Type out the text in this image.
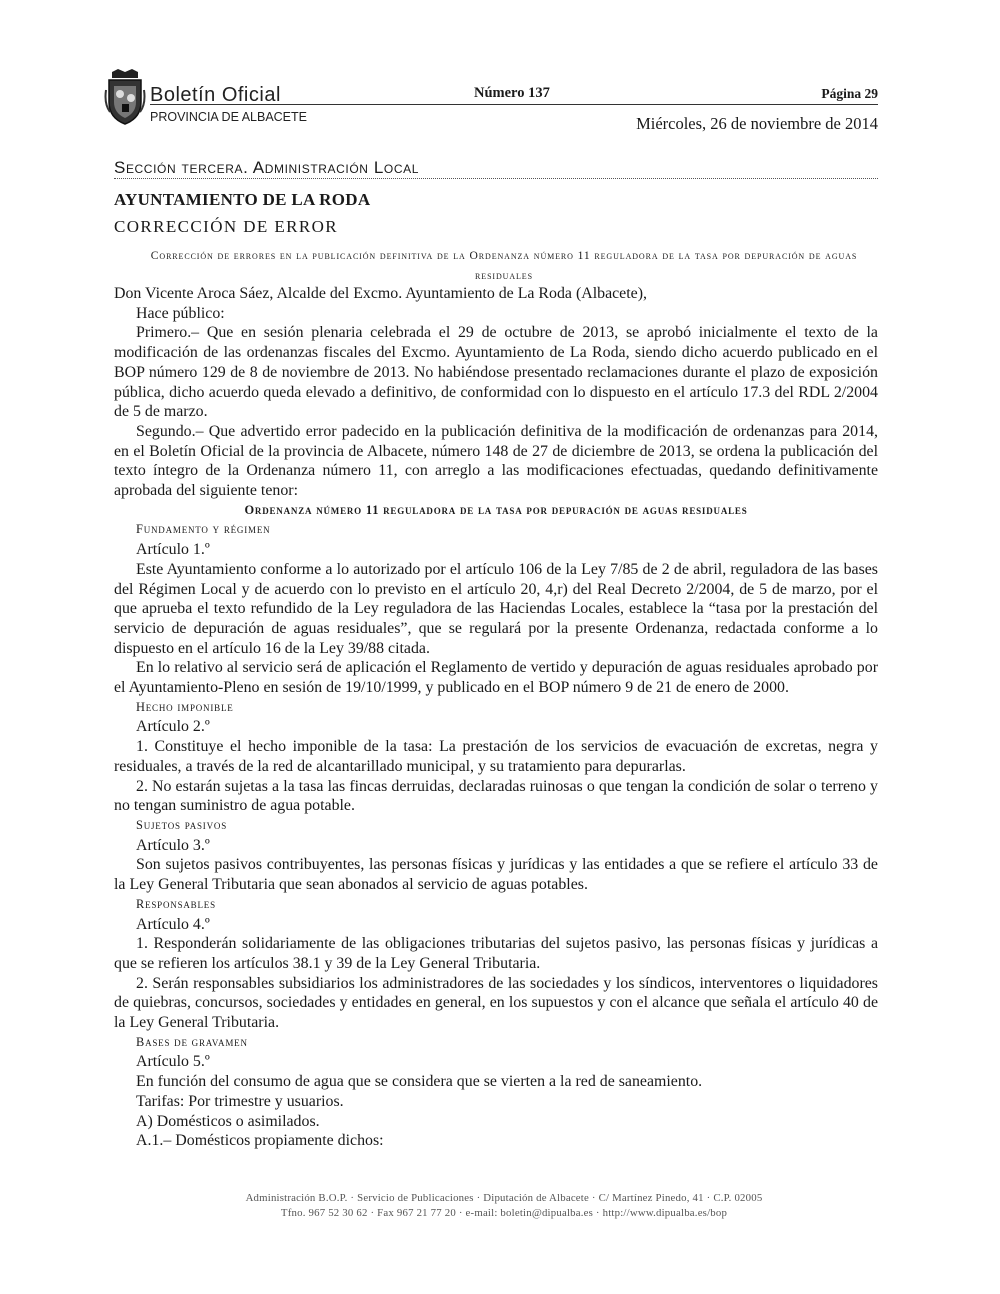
Boletín Oficial
PROVINCIA DE ALBACETE
Número 137	Página 29
Miércoles, 26 de noviembre de 2014
Sección tercera. Administración Local
AYUNTAMIENTO DE LA RODA
CORRECCIÓN DE ERROR
Corrección de errores en la publicación definitiva de la Ordenanza número 11 reguladora de la tasa por depuración de aguas residuales

Don Vicente Aroca Sáez, Alcalde del Excmo. Ayuntamiento de La Roda (Albacete),

Hace público:

Primero.– Que en sesión plenaria celebrada el 29 de octubre de 2013, se aprobó inicialmente el texto de la modificación de las ordenanzas fiscales del Excmo. Ayuntamiento de La Roda, siendo dicho acuerdo publicado en el BOP número 129 de 8 de noviembre de 2013. No habiéndose presentado reclamaciones durante el plazo de exposición pública, dicho acuerdo queda elevado a definitivo, de conformidad con lo dispuesto en el artículo 17.3 del RDL 2/2004 de 5 de marzo.

Segundo.– Que advertido error padecido en la publicación definitiva de la modificación de ordenanzas para 2014, en el Boletín Oficial de la provincia de Albacete, número 148 de 27 de diciembre de 2013, se ordena la publicación del texto íntegro de la Ordenanza número 11, con arreglo a las modificaciones efectuadas, quedando definitivamente aprobada del siguiente tenor:

Ordenanza número 11 reguladora de la tasa por depuración de aguas residuales

Fundamento y régimen

Artículo 1.º

Este Ayuntamiento conforme a lo autorizado por el artículo 106 de la Ley 7/85 de 2 de abril, reguladora de las bases del Régimen Local y de acuerdo con lo previsto en el artículo 20, 4,r) del Real Decreto 2/2004, de 5 de marzo, por el que aprueba el texto refundido de la Ley reguladora de las Haciendas Locales, establece la “tasa por la prestación del servicio de depuración de aguas residuales”, que se regulará por la presente Ordenanza, redactada conforme a lo dispuesto en el artículo 16 de la Ley 39/88 citada.

En lo relativo al servicio será de aplicación el Reglamento de vertido y depuración de aguas residuales aprobado por el Ayuntamiento-Pleno en sesión de 19/10/1999, y publicado en el BOP número 9 de 21 de enero de 2000.

Hecho imponible

Artículo 2.º

1. Constituye el hecho imponible de la tasa: La prestación de los servicios de evacuación de excretas, negra y residuales, a través de la red de alcantarillado municipal, y su tratamiento para depurarlas.

2. No estarán sujetas a la tasa las fincas derruidas, declaradas ruinosas o que tengan la condición de solar o terreno y no tengan suministro de agua potable.

Sujetos pasivos

Artículo 3.º

Son sujetos pasivos contribuyentes, las personas físicas y jurídicas y las entidades a que se refiere el artículo 33 de la Ley General Tributaria que sean abonados al servicio de aguas potables.

Responsables

Artículo 4.º

1. Responderán solidariamente de las obligaciones tributarias del sujetos pasivo, las personas físicas y jurídicas a que se refieren los artículos 38.1 y 39 de la Ley General Tributaria.

2. Serán responsables subsidiarios los administradores de las sociedades y los síndicos, interventores o liquidadores de quiebras, concursos, sociedades y entidades en general, en los supuestos y con el alcance que señala el artículo 40 de la Ley General Tributaria.

Bases de gravamen

Artículo 5.º

En función del consumo de agua que se considera que se vierten a la red de saneamiento.

Tarifas: Por trimestre y usuarios.

A) Domésticos o asimilados.

A.1.– Domésticos propiamente dichos:

Administración B.O.P. · Servicio de Publicaciones · Diputación de Albacete · C/ Martínez Pinedo, 41 · C.P. 02005
Tfno. 967 52 30 62 · Fax 967 21 77 20 · e-mail: boletin@dipualba.es · http://www.dipualba.es/bop
